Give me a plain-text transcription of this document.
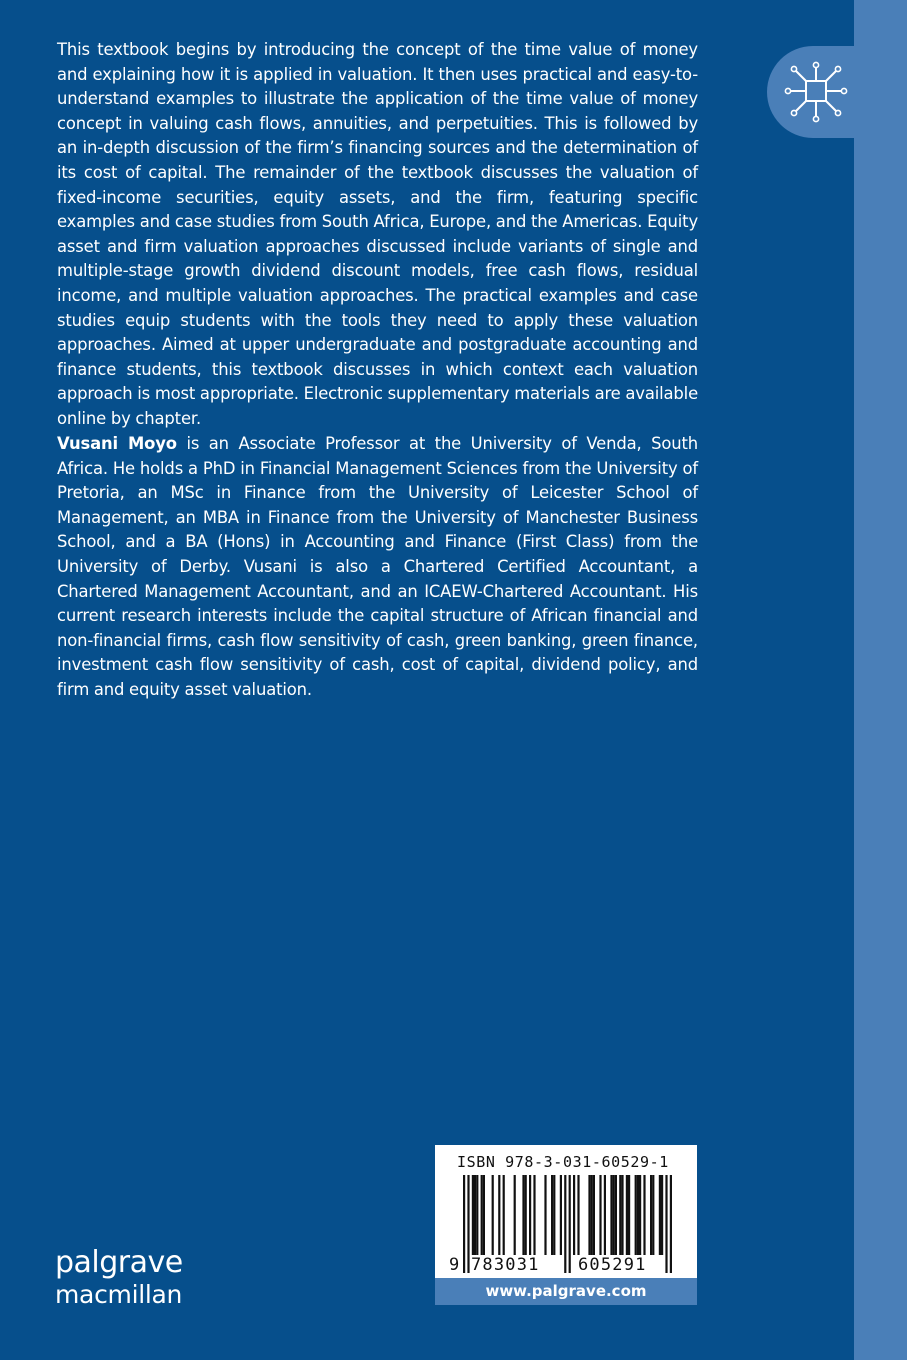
This textbook begins by introducing the concept of the time value of money and explaining how it is applied in valuation. It then uses practical and easy-to-understand examples to illustrate the application of the time value of money concept in valuing cash flows, annuities, and perpetuities. This is followed by an in-depth discussion of the firm’s financing sources and the determination of its cost of capital. The remainder of the textbook discusses the valuation of fixed-income securities, equity assets, and the firm, featuring specific examples and case studies from South Africa, Europe, and the Americas. Equity asset and firm valuation approaches discussed include variants of single and multiple-stage growth dividend discount models, free cash flows, residual income, and multiple valuation approaches. The practical examples and case studies equip students with the tools they need to apply these valuation approaches. Aimed at upper undergraduate and postgraduate accounting and finance students, this textbook discusses in which context each valuation approach is most appropriate. Electronic supplementary materials are available online by chapter.

Vusani Moyo is an Associate Professor at the University of Venda, South Africa. He holds a PhD in Financial Management Sciences from the University of Pretoria, an MSc in Finance from the University of Leicester School of Management, an MBA in Finance from the University of Manchester Business School, and a BA (Hons) in Accounting and Finance (First Class) from the University of Derby. Vusani is also a Chartered Certified Accountant, a Chartered Management Accountant, and an ICAEW-Chartered Accountant. His current research interests include the capital structure of African financial and non-financial firms, cash flow sensitivity of cash, green banking, green finance, investment cash flow sensitivity of cash, cost of capital, dividend policy, and firm and equity asset valuation.

palgrave
macmillan
ISBN 978-3-031-60529-1
9 783031 605291
www.palgrave.com
